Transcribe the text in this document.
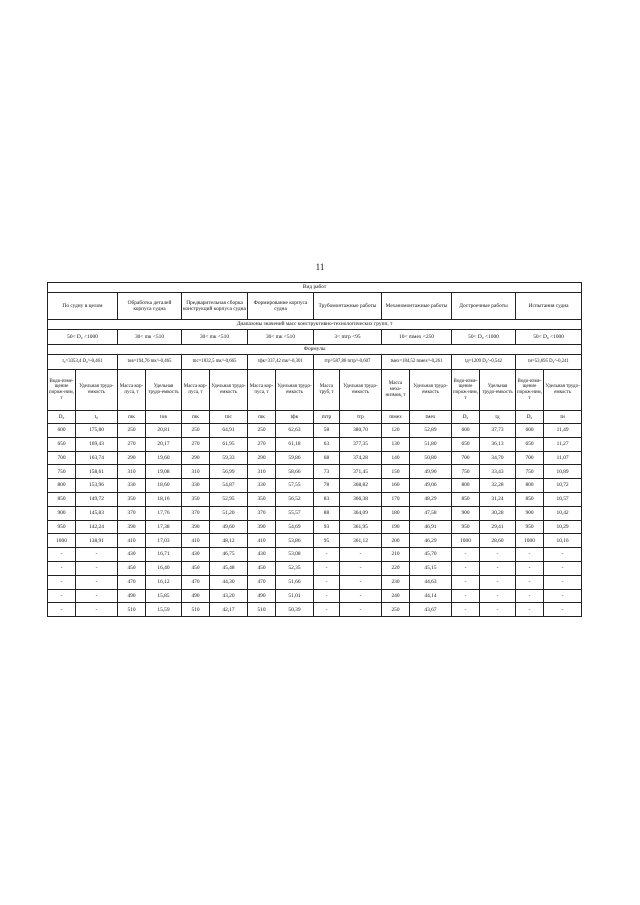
11
Вид работ															
По судну в целом		Обработка деталей корпуса судна		Предварительная сборка конструкций корпуса судна		Формирование корпуса судна		Трубомонтажные работы		Механомонтажные работы		Достроечные работы		Испытания судна	
Диапазоны значений масс конструктивно-технологических групп, т															
50< D₀ <1000		30< mк <510		30< mк <510		30< mк <510		3< mтр <95		10< mмех <250		50< D₀ <1000		50< D₀ <1000	
Формулы															
t₀=3353,4 D₀^-0,461		tов=194,76 mк^-0,465		tпс=1832,5 mк^-0,665		tфк=337,42 mк^-0,301		tтр=587,86 mтр^-0,607		tмех=184,52 mмех^-0,261		tд=1209 D₀^-0,542		tи=53,695 D₀^-0,241	
Водо-изме-щение порож-ним, т	Удельная трудо-емкость	Масса кор-пуса, т	Удельная трудо-емкость	Масса кор-пуса, т	Удельная трудо-емкость	Масса кор-пуса, т	Удельная трудо-емкость	Масса труб, т	Удельная трудо-емкость	Масса меха-низмов, т	Удельная трудо-емкость	Водо-изме-щение порож-ним, т	Удельная трудо-емкость	Водо-изме-щение порож-ним, т	Удельная трудо-емкость
D₀	t₀	mк	tов	mк	tпс	mк	tфк	mтр	tтр	mмех	tмех	D₀	tд	D₀	tи
600	175,80	250	20,81	250	64,91	250	62,63	58	380,70	120	52,89	600	37,73	600	11,49
650	169,43	270	20,17	270	61,95	270	61,18	63	377,35	130	51,80	650	36,13	650	11,27
700	163,74	290	19,60	290	59,33	290	59,86	68	374,28	140	50,80	700	34,70	700	11,07
750	158,61	310	19,08	310	56,99	310	58,66	73	371,45	150	49,90	750	33,43	750	10,89
800	153,96	330	18,60	330	54,87	330	57,55	78	368,82	160	49,06	800	32,28	800	10,72
850	149,72	350	18,16	350	52,95	350	56,52	83	366,38	170	48,29	850	31,24	850	10,57
900	145,83	370	17,76	370	51,20	370	55,57	88	364,09	180	47,58	900	30,28	900	10,42
950	142,24	390	17,38	390	49,60	390	54,69	93	361,95	190	46,91	950	29,41	950	10,29
1000	138,91	410	17,03	410	48,12	410	53,86	95	361,12	200	46,29	1000	28,60	1000	10,16
-	-	430	16,71	430	46,75	430	53,08	-	-	210	45,70	-	-	-	-
-	-	450	16,40	450	45,48	450	52,35	-	-	220	45,15	-	-	-	-
-	-	470	16,12	470	44,30	470	51,66	-	-	230	44,63	-	-	-	-
-	-	490	15,85	490	43,20	490	51,01	-	-	240	44,14	-	-	-	-
-	-	510	15,59	510	42,17	510	50,39	-	-	250	43,67	-	-	-	-
